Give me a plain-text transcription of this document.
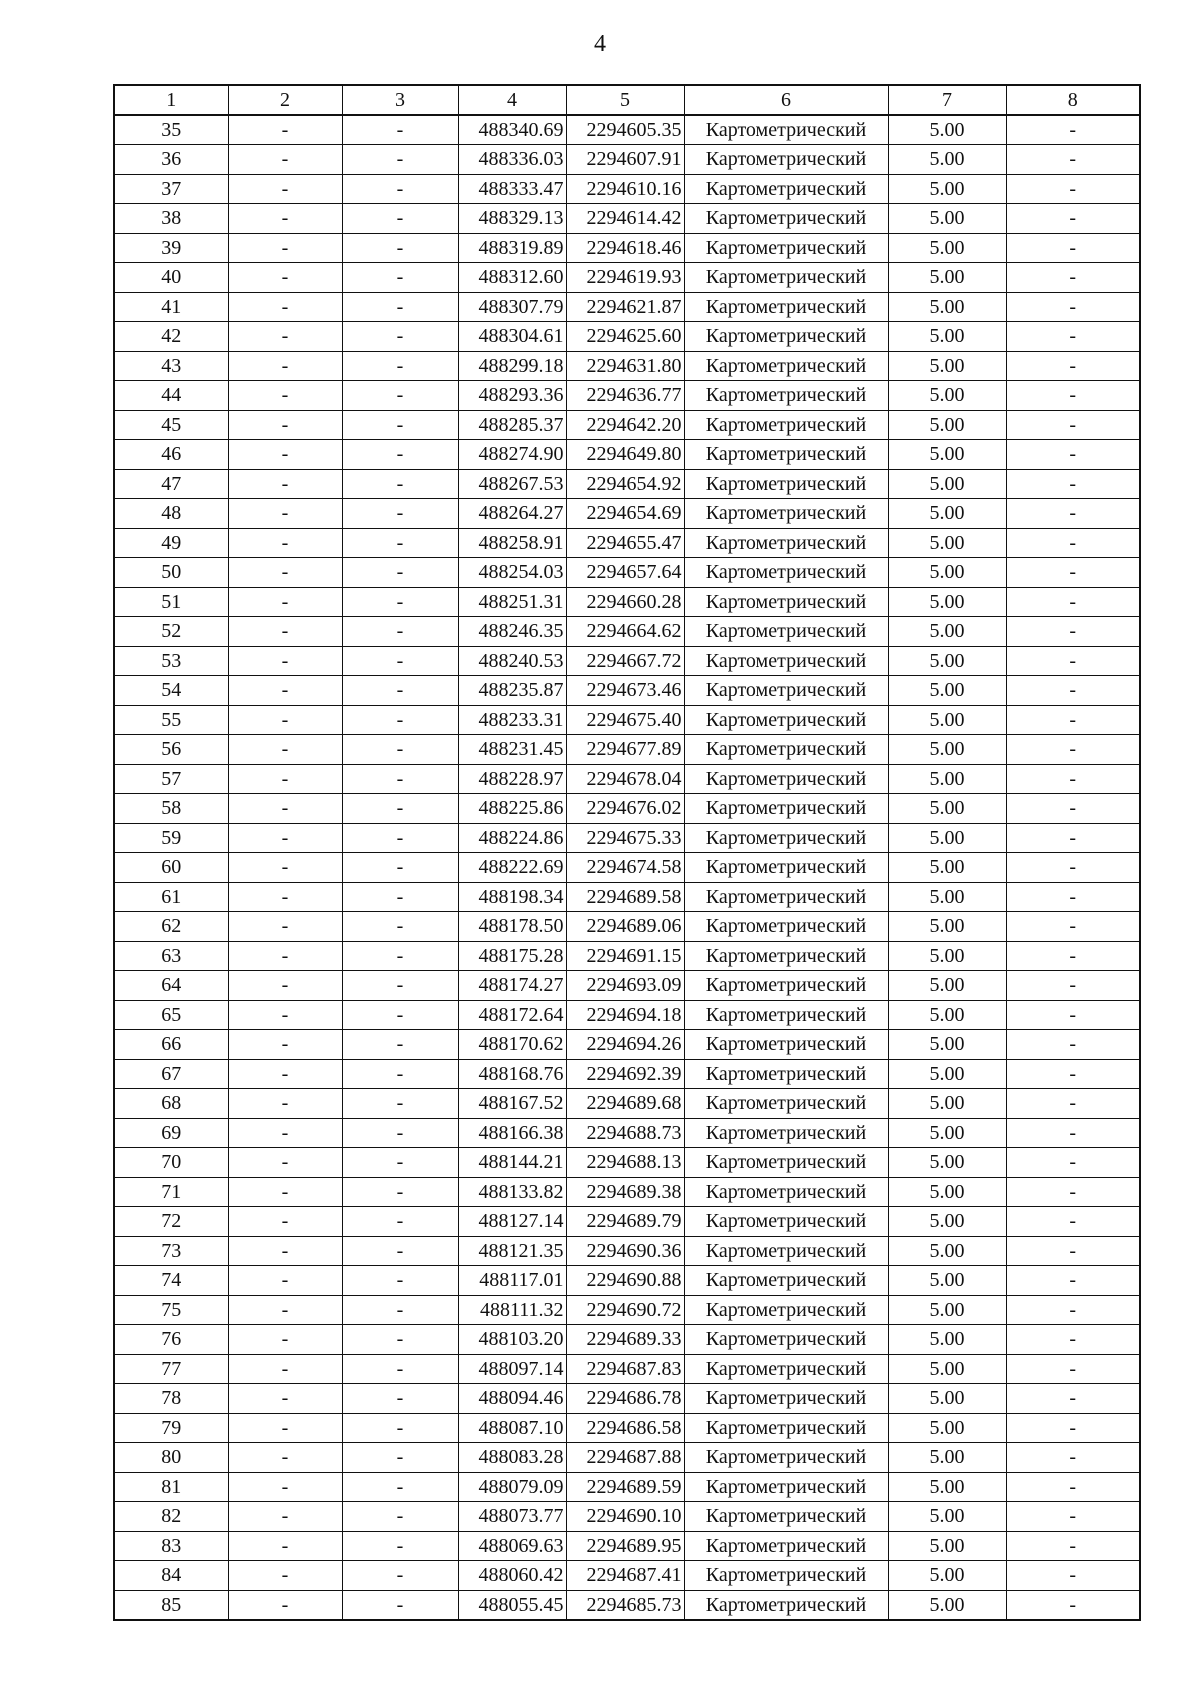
4
1	2	3	4	5	6	7	8
35	-	-	488340.69	2294605.35	Картометрический	5.00	-
36	-	-	488336.03	2294607.91	Картометрический	5.00	-
37	-	-	488333.47	2294610.16	Картометрический	5.00	-
38	-	-	488329.13	2294614.42	Картометрический	5.00	-
39	-	-	488319.89	2294618.46	Картометрический	5.00	-
40	-	-	488312.60	2294619.93	Картометрический	5.00	-
41	-	-	488307.79	2294621.87	Картометрический	5.00	-
42	-	-	488304.61	2294625.60	Картометрический	5.00	-
43	-	-	488299.18	2294631.80	Картометрический	5.00	-
44	-	-	488293.36	2294636.77	Картометрический	5.00	-
45	-	-	488285.37	2294642.20	Картометрический	5.00	-
46	-	-	488274.90	2294649.80	Картометрический	5.00	-
47	-	-	488267.53	2294654.92	Картометрический	5.00	-
48	-	-	488264.27	2294654.69	Картометрический	5.00	-
49	-	-	488258.91	2294655.47	Картометрический	5.00	-
50	-	-	488254.03	2294657.64	Картометрический	5.00	-
51	-	-	488251.31	2294660.28	Картометрический	5.00	-
52	-	-	488246.35	2294664.62	Картометрический	5.00	-
53	-	-	488240.53	2294667.72	Картометрический	5.00	-
54	-	-	488235.87	2294673.46	Картометрический	5.00	-
55	-	-	488233.31	2294675.40	Картометрический	5.00	-
56	-	-	488231.45	2294677.89	Картометрический	5.00	-
57	-	-	488228.97	2294678.04	Картометрический	5.00	-
58	-	-	488225.86	2294676.02	Картометрический	5.00	-
59	-	-	488224.86	2294675.33	Картометрический	5.00	-
60	-	-	488222.69	2294674.58	Картометрический	5.00	-
61	-	-	488198.34	2294689.58	Картометрический	5.00	-
62	-	-	488178.50	2294689.06	Картометрический	5.00	-
63	-	-	488175.28	2294691.15	Картометрический	5.00	-
64	-	-	488174.27	2294693.09	Картометрический	5.00	-
65	-	-	488172.64	2294694.18	Картометрический	5.00	-
66	-	-	488170.62	2294694.26	Картометрический	5.00	-
67	-	-	488168.76	2294692.39	Картометрический	5.00	-
68	-	-	488167.52	2294689.68	Картометрический	5.00	-
69	-	-	488166.38	2294688.73	Картометрический	5.00	-
70	-	-	488144.21	2294688.13	Картометрический	5.00	-
71	-	-	488133.82	2294689.38	Картометрический	5.00	-
72	-	-	488127.14	2294689.79	Картометрический	5.00	-
73	-	-	488121.35	2294690.36	Картометрический	5.00	-
74	-	-	488117.01	2294690.88	Картометрический	5.00	-
75	-	-	488111.32	2294690.72	Картометрический	5.00	-
76	-	-	488103.20	2294689.33	Картометрический	5.00	-
77	-	-	488097.14	2294687.83	Картометрический	5.00	-
78	-	-	488094.46	2294686.78	Картометрический	5.00	-
79	-	-	488087.10	2294686.58	Картометрический	5.00	-
80	-	-	488083.28	2294687.88	Картометрический	5.00	-
81	-	-	488079.09	2294689.59	Картометрический	5.00	-
82	-	-	488073.77	2294690.10	Картометрический	5.00	-
83	-	-	488069.63	2294689.95	Картометрический	5.00	-
84	-	-	488060.42	2294687.41	Картометрический	5.00	-
85	-	-	488055.45	2294685.73	Картометрический	5.00	-
